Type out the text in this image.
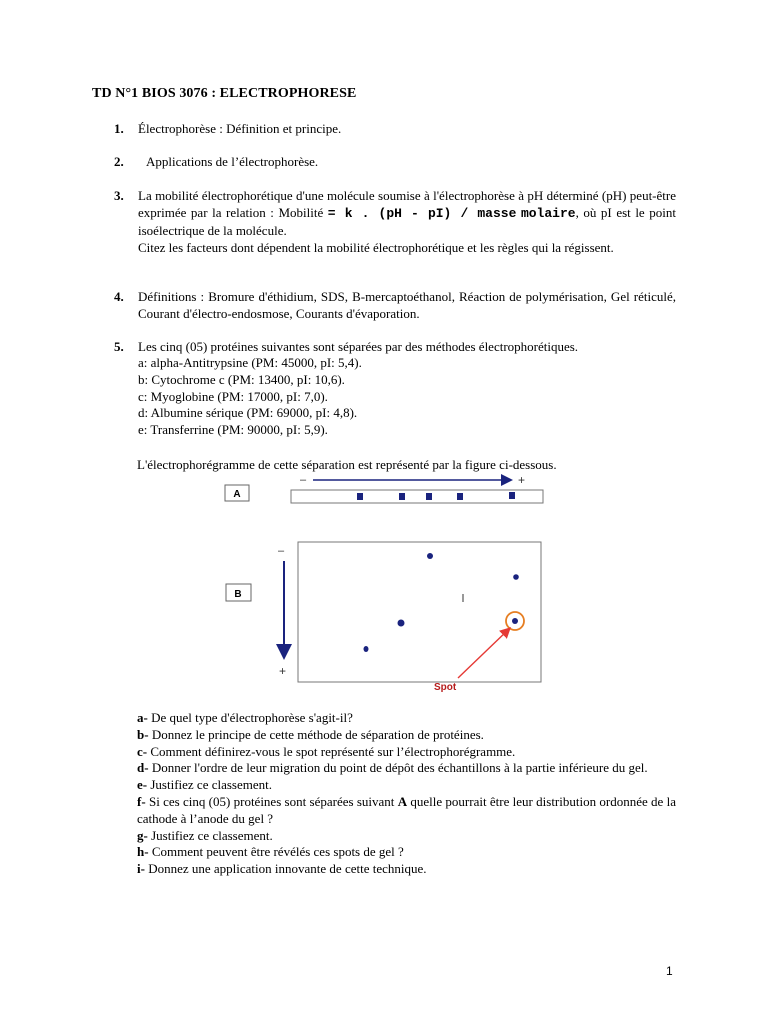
TD N°1 BIOS 3076 : ELECTROPHORESE
1. Électrophorèse : Définition et principe.
2. Applications de l’électrophorèse.
3. La mobilité électrophorétique d'une molécule soumise à l'électrophorèse à pH déterminé (pH) peut-être exprimée par la relation : Mobilité = k . (pH - pI) / masse molaire, où pI est le point isoélectrique de la molécule.

Citez les facteurs dont dépendent la mobilité électrophorétique et les règles qui la régissent.

4. Définitions : Bromure d'éthidium, SDS, B-mercaptoéthanol, Réaction de polymérisation, Gel réticulé, Courant d'électro-endosmose, Courants d'évaporation.
5. Les cinq (05) protéines suivantes sont séparées par des méthodes électrophorétiques.

a: alpha-Antitrypsine (PM: 45000, pI: 5,4).

b: Cytochrome c (PM: 13400, pI: 10,6).

c: Myoglobine (PM: 17000, pI: 7,0).

d: Albumine sérique (PM: 69000, pI: 4,8).

e: Transferrine (PM: 90000, pI: 5,9).

L'électrophorégramme de cette séparation est représenté par la figure ci-dessous.
A
–	+
–
+
B
Spot

a- De quel type d'électrophorèse s'agit-il?

b- Donnez le principe de cette méthode de séparation de protéines.

c- Comment définirez-vous le spot représenté sur l’électrophorégramme.

d- Donner l'ordre de leur migration du point de dépôt des échantillons à la partie inférieure du gel.

e- Justifiez ce classement.

f- Si ces cinq (05) protéines sont séparées suivant A quelle pourrait être leur distribution ordonnée de la cathode à l’anode du gel ?

g- Justifiez ce classement.

h- Comment peuvent être révélés ces spots de gel ?

i- Donnez une application innovante de cette technique.

1
